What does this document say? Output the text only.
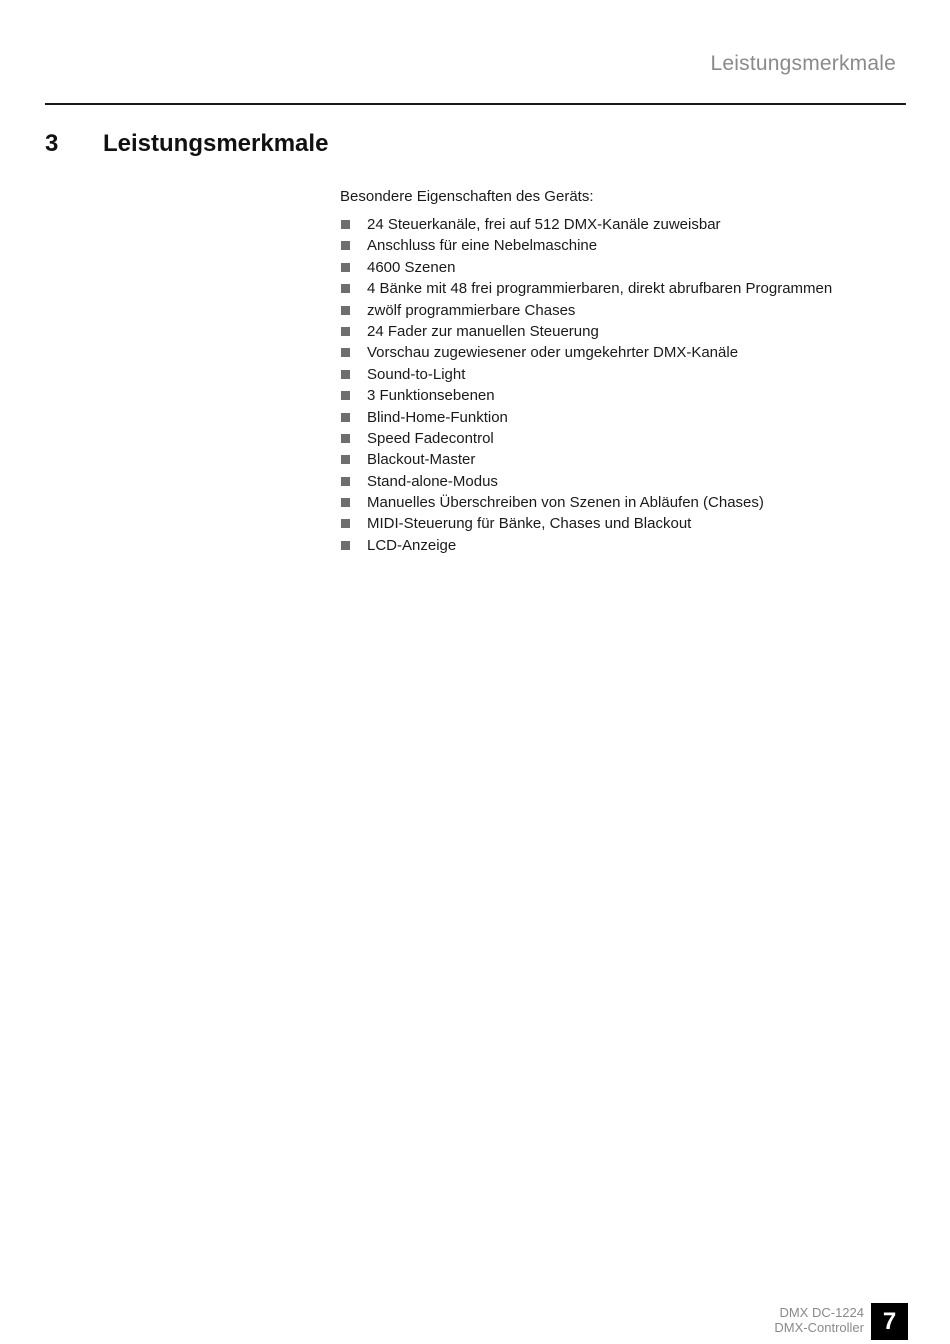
Leistungsmerkmale
3 Leistungsmerkmale

Besondere Eigenschaften des Geräts:

24 Steuerkanäle, frei auf 512 DMX-Kanäle zuweisbar
Anschluss für eine Nebelmaschine
4600 Szenen
4 Bänke mit 48 frei programmierbaren, direkt abrufbaren Programmen
zwölf programmierbare Chases
24 Fader zur manuellen Steuerung
Vorschau zugewiesener oder umgekehrter DMX-Kanäle
Sound-to-Light
3 Funktionsebenen
Blind-Home-Funktion
Speed Fadecontrol
Blackout-Master
Stand-alone-Modus
Manuelles Überschreiben von Szenen in Abläufen (Chases)
MIDI-Steuerung für Bänke, Chases und Blackout
LCD-Anzeige
DMX DC-1224
DMX-Controller 7
